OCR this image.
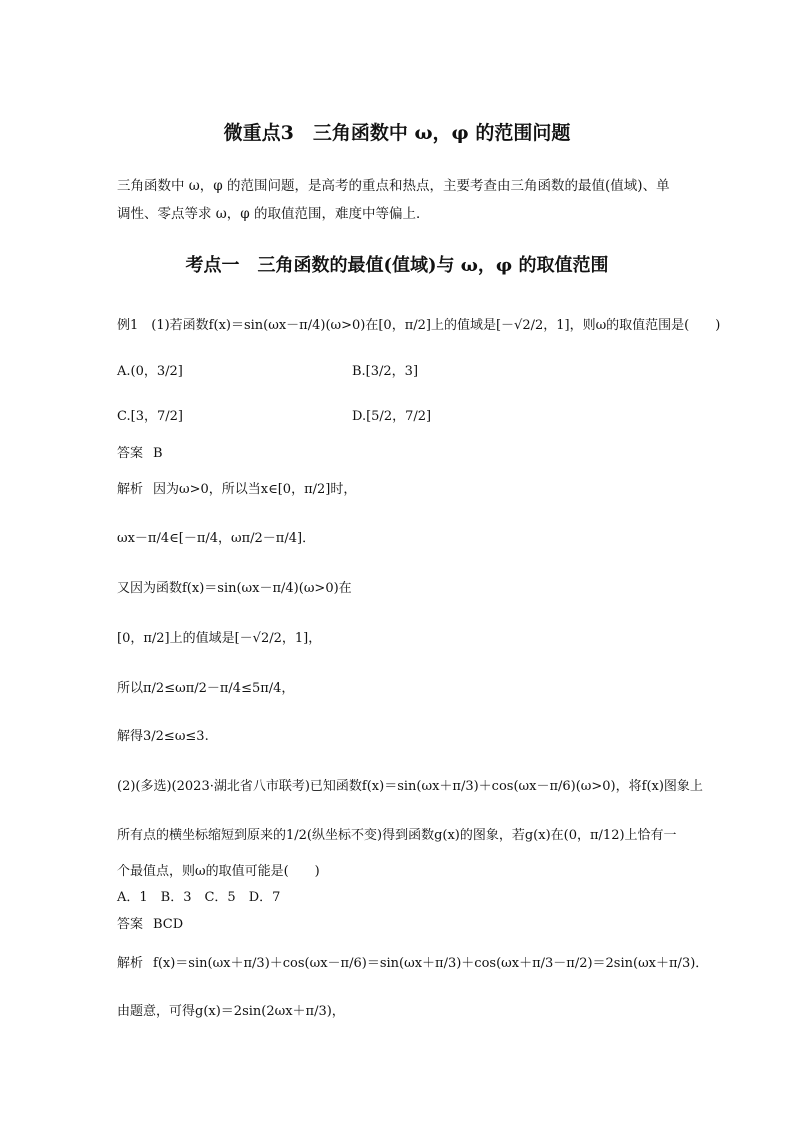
微重点3　三角函数中 ω，φ 的范围问题
三角函数中 ω，φ 的范围问题，是高考的重点和热点，主要考查由三角函数的最值(值域)、单
调性、零点等求 ω，φ 的取值范围，难度中等偏上．
考点一　三角函数的最值(值域)与 ω，φ 的取值范围
例1　(1)若函数f(x)＝sin(ωx－π/4)(ω>0)在[0，π/2]上的值域是[－√2/2，1]，则ω的取值范围是(　　)
A.(0，3/2]	B.[3/2，3]
C.[3，7/2]	D.[5/2，7/2]
答案 B
解析 因为ω>0，所以当x∈[0，π/2]时，
ωx－π/4∈[－π/4，ωπ/2－π/4]．
又因为函数f(x)＝sin(ωx－π/4)(ω>0)在
[0，π/2]上的值域是[－√2/2，1]，
所以π/2≤ωπ/2－π/4≤5π/4，
解得3/2≤ω≤3.
(2)(多选)(2023·湖北省八市联考)已知函数f(x)＝sin(ωx＋π/3)＋cos(ωx－π/6)(ω>0)，将f(x)图象上
所有点的横坐标缩短到原来的1/2(纵坐标不变)得到函数g(x)的图象，若g(x)在(0，π/12)上恰有一
个最值点，则ω的取值可能是(　　)
A．1　B．3　C．5　D．7
答案 BCD
解析 f(x)＝sin(ωx＋π/3)＋cos(ωx－π/6)＝sin(ωx＋π/3)＋cos(ωx＋π/3－π/2)＝2sin(ωx＋π/3)．
由题意，可得g(x)＝2sin(2ωx＋π/3)，
